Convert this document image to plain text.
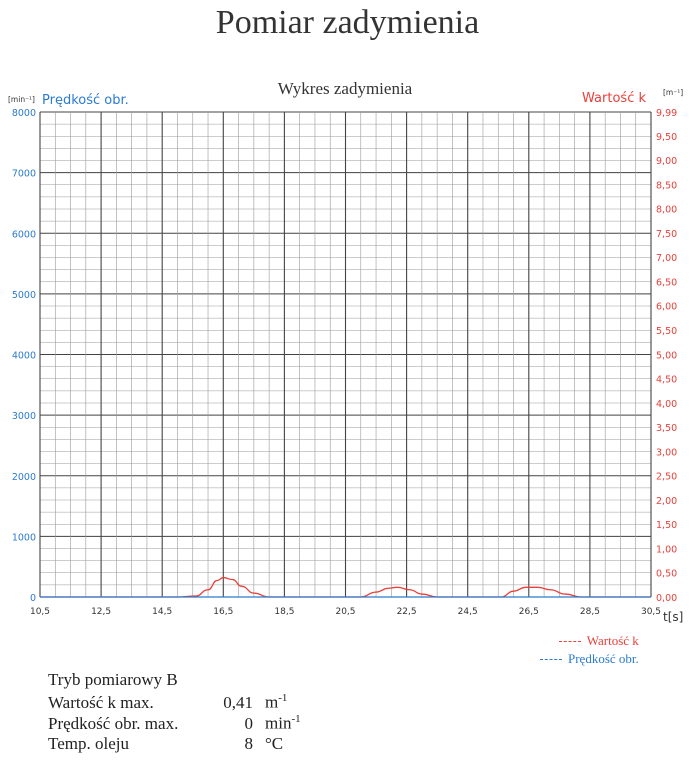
Pomiar zadymienia
Wykres zadymienia
Prędkość obr.
[min⁻¹]	Wartość k [m⁻¹]
t[s]
10,5	12,5	14,5	16,5	18,5	20,5	22,5	24,5	26,5	28,5	30,5
0
1000
2000
3000
4000
5000
6000
7000
8000
0,00
0,50
1,00
1,50
2,00
2,50
3,00
3,50
4,00
4,50
5,00
5,50
6,00
6,50
7,00
7,50
8,00
8,50
9,00
9,50
9,99
Wartość k
Prędkość obr.
Tryb pomiarowy B
Wartość k max.	0,41 $m^{-1}$
Prędkość obr. max.	0 $\min^{-1}$
Temp. oleju	8 °C
